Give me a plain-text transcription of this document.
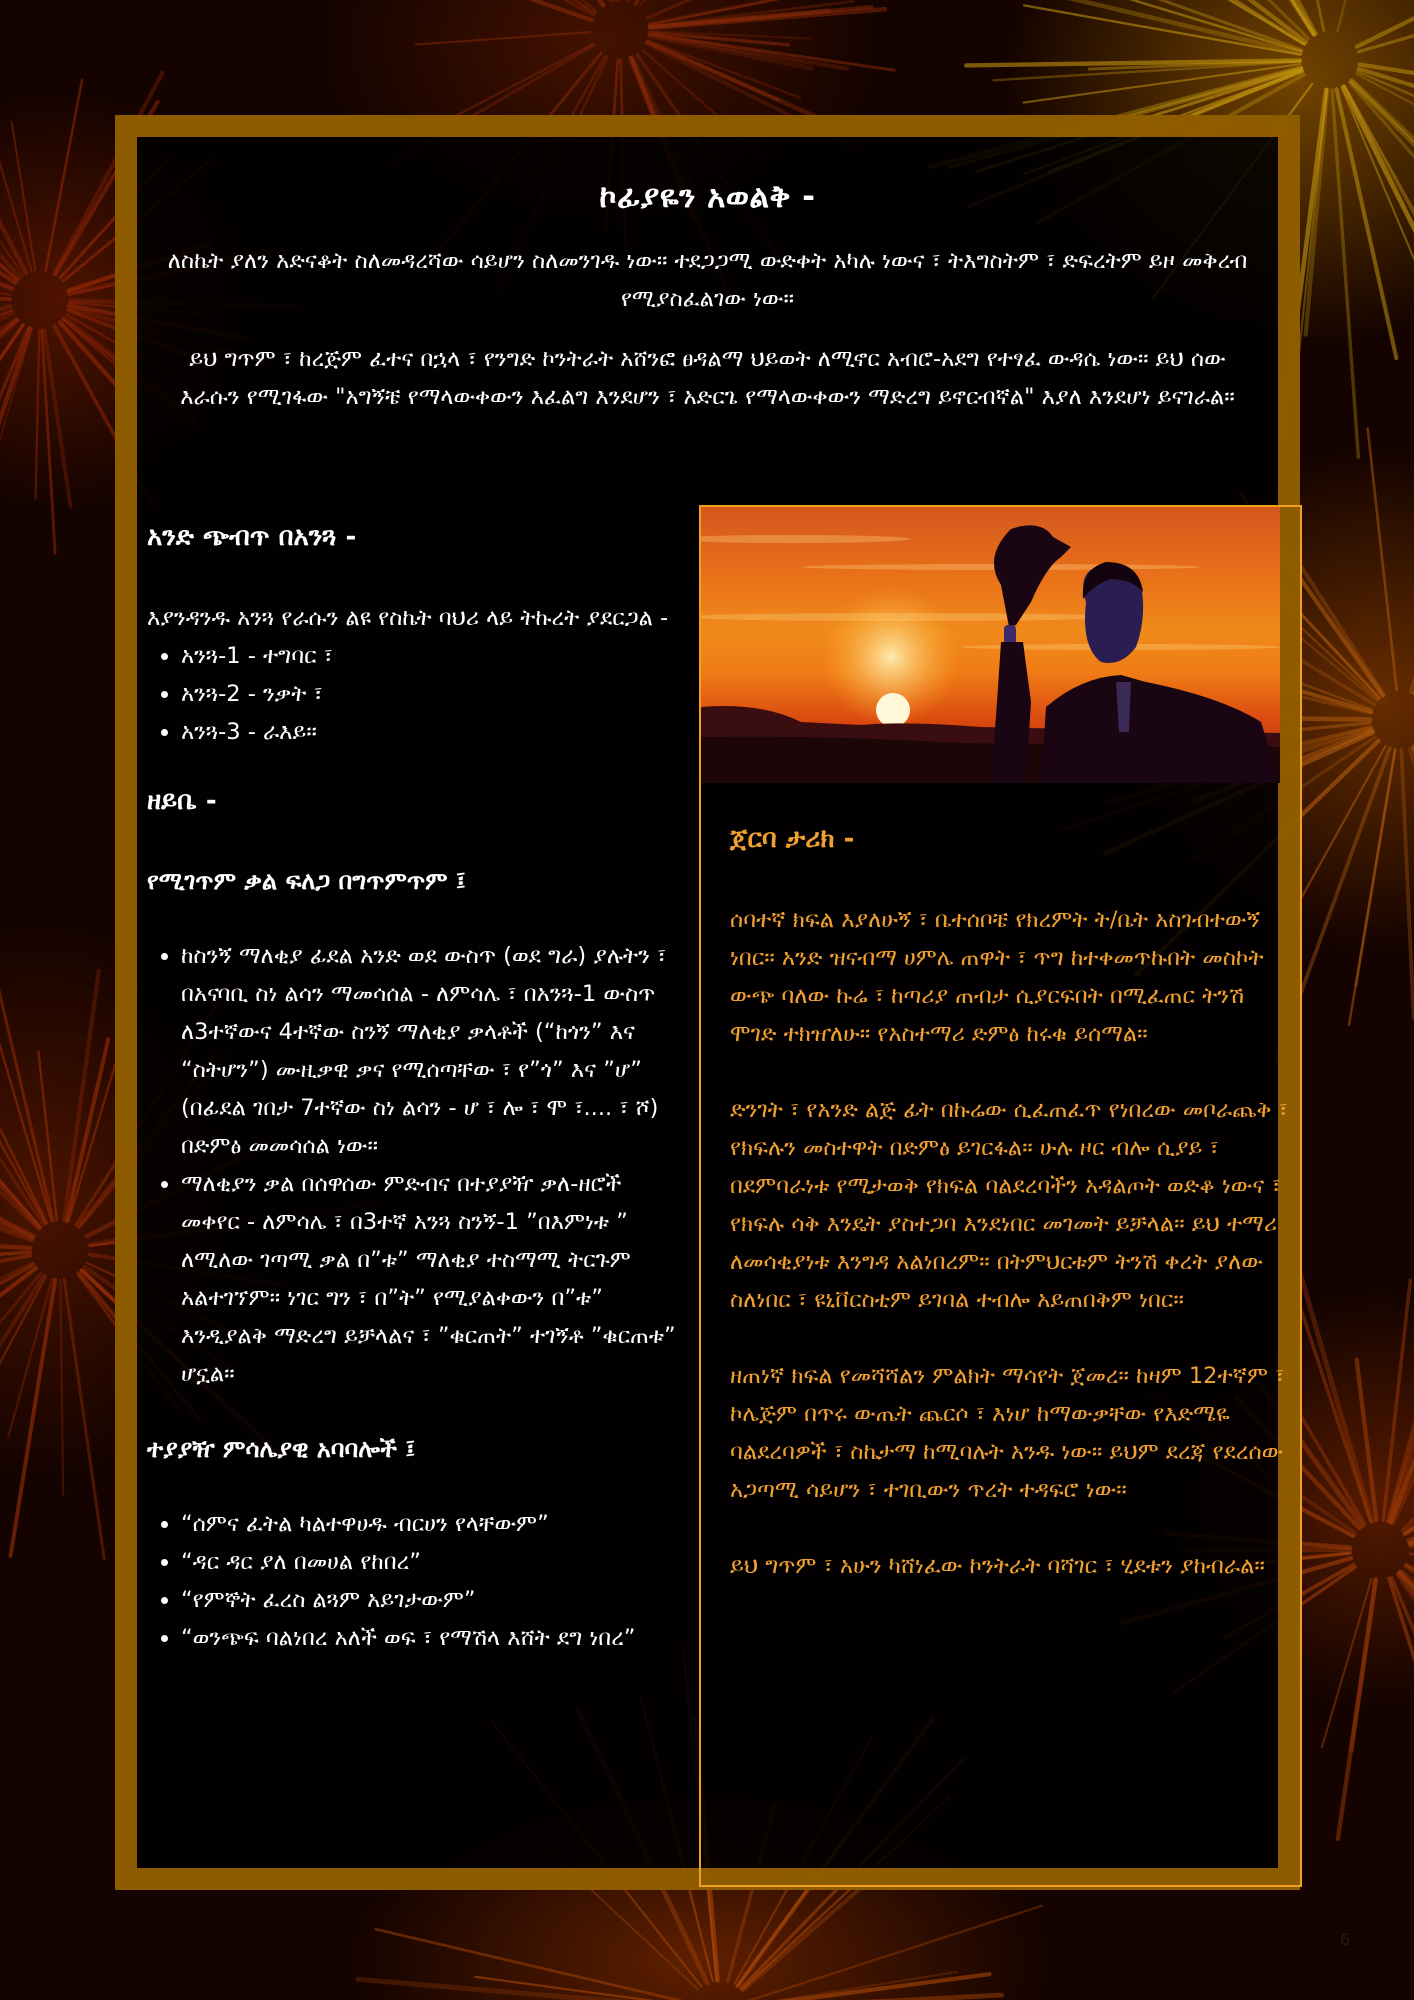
ኮፊያዬን አወልቅ -

ለስኬት ያለን አድናቆት ስለመዳረሻው ሳይሆን ስለመንገዱ ነው። ተደጋጋሚ ውድቀት አካሉ ነውና ፣ ትእግስትም ፣ ድፍረትም ይዞ መቅረብ የሚያስፈልገው ነው።

ይህ ግጥም ፣ ከረጅም ፈተና በኋላ ፣ የንግድ ኮንትራት አሸንፎ ፀዳልማ ህይወት ለሚኖር አብሮ-አደግ የተፃፈ ውዳሴ ነው። ይህ ሰው እራሱን የሚገፋው "አግኝቼ የማላውቀውን እፈልግ እንደሆን ፣ አድርጌ የማላውቀውን ማድረግ ይኖርብኛል" እያለ እንደሆነ ይናገራል።

አንድ ጭብጥ በአንጓ -

እያንዳንዱ አንጓ የራሱን ልዩ የስኬት ባህሪ ላይ ትኩረት ያደርጋል -

• አንጓ-1 - ተግባር ፣
• አንጓ-2 - ንቃት ፣
• አንጓ-3 - ራእይ።
ዘይቤ -
የሚገጥም ቃል ፍለጋ በግጥምጥም ፤
• ከስንኝ ማለቂያ ፊደል አንድ ወደ ውስጥ (ወደ ግራ) ያሉትን ፣ በአናባቢ ስነ ልሳን ማመሳሰል - ለምሳሌ ፣ በአንጓ-1 ውስጥ ለ3ተኛውና 4ተኛው ስንኝ ማለቂያ ቃላቶች (“ከጎን” እና “ስትሆን”) ሙዚቃዊ ቃና የሚሰጣቸው ፣ የ”ጎ” እና ”ሆ” (በፊደል ገበታ 7ተኛው ስነ ልሳን - ሆ ፣ ሎ ፣ ሞ ፣.... ፣ ሾ) በድምፅ መመሳሰል ነው።
• ማለቂያን ቃል በሰዋሰው ምድብና በተያያዥ ቃለ-ዘሮች መቀየር - ለምሳሌ ፣ በ3ተኛ አንጓ ስንኝ-1 ”በእምነቱ ” ለሚለው ገጣሚ ቃል በ”ቱ” ማለቂያ ተስማሚ ትርጉም አልተገኘም። ነገር ግን ፣ በ”ት” የሚያልቀውን በ”ቱ” እንዲያልቅ ማድረግ ይቻላልና ፣ ”ቁርጠት” ተገኝቶ ”ቁርጠቱ” ሆኗል።
ተያያዥ ምሳሌያዊ አባባሎች ፤
• “ሰምና ፈትል ካልተዋሀዱ ብርሀን የላቸውም”
• “ዳር ዳር ያለ በመሀል የከበረ”
• “የምኞት ፈረስ ልጓም አይገታውም”
• “ወንጭፍ ባልነበረ አለች ወፍ ፣ የማሽላ እሸት ደግ ነበረ”
ጀርባ ታሪክ -

ሰባተኛ ክፍል እያለሁኝ ፣ ቤተሰቦቼ የክረምት ት/ቤት አስገብተውኝ ነበር። አንድ ዝናብማ ሀምሌ ጠዋት ፣ ጥግ ከተቀመጥኩበት መስኮት ውጭ ባለው ኩሬ ፣ ከጣሪያ ጠብታ ሲያርፍበት በሚፈጠር ትንሽ ሞገድ ተክዠለሁ። የአስተማሪ ድምፅ ከሩቁ ይሰማል።

ድንገት ፣ የአንድ ልጅ ፊት በኩሬው ሲፈጠፈጥ የነበረው መቦራጨቅ ፣ የክፍሉን መስተዋት በድምፅ ይገርፋል። ሁሉ ዞር ብሎ ሲያይ ፣ በደምባራነቱ የሚታወቅ የክፍል ባልደረባችን አዳልጦት ወድቆ ነውና ፣ የክፍሉ ሳቅ እንዴት ያስተጋባ እንደነበር መገመት ይቻላል። ይህ ተማሪ ለመሳቂያነቱ እንግዳ አልነበረም። በትምህርቱም ትንሽ ቀረት ያለው ስለነበር ፣ ዩኒቨርስቲም ይገባል ተብሎ አይጠበቅም ነበር።

ዘጠነኛ ክፍል የመሻሻልን ምልክት ማሳየት ጀመረ። ከዛም 12ተኛም ፣ ኮሌጅም በጥሩ ውጤት ጨርሶ ፣ እነሆ ከማውቃቸው የእድሜዬ ባልደረባዎች ፣ ስኬታማ ከሚባሉት አንዱ ነው። ይህም ደረጃ የደረሰው አጋጣሚ ሳይሆን ፣ ተገቢውን ጥረት ተዳፍሮ ነው።

ይህ ግጥም ፣ አሁን ካሸነፈው ኮንትራት ባሻገር ፣ ሂደቱን ያከብራል።

6
